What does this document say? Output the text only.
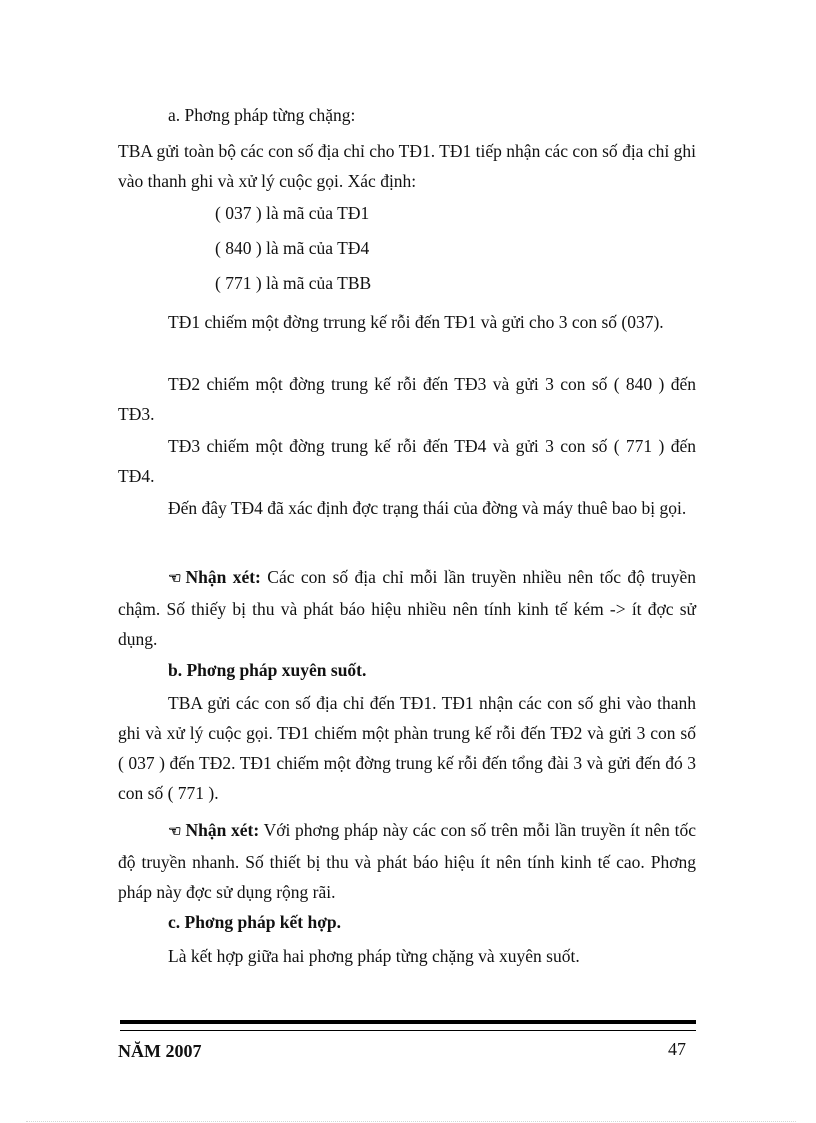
a. Phơng pháp từng chặng:

TBA gửi toàn bộ các con số địa chỉ cho TĐ1. TĐ1 tiếp nhận các con số địa chỉ ghi vào thanh ghi và xử lý cuộc gọi. Xác định:

( 037 ) là mã của TĐ1

( 840 ) là mã của TĐ4

( 771 ) là mã của TBB

TĐ1 chiếm một đờng trrung kế rỗi đến TĐ1 và gửi cho 3 con số (037).

TĐ2 chiếm một đờng trung kế rỗi đến TĐ3 và gửi 3 con số ( 840 ) đến TĐ3.

TĐ3 chiếm một đờng trung kế rỗi đến TĐ4 và gửi 3 con số ( 771 ) đến TĐ4.

Đến đây TĐ4 đã xác định đợc trạng thái của đờng và máy thuê bao bị gọi.

☜ Nhận xét: Các con số địa chỉ mỗi lần truyền nhiều nên tốc độ truyền chậm. Số thiếy bị thu và phát báo hiệu nhiều nên tính kinh tế kém -> ít đợc sử dụng.

b. Phơng pháp xuyên suốt.

TBA gửi các con số địa chỉ đến TĐ1. TĐ1 nhận các con số ghi vào thanh ghi và xử lý cuộc gọi. TĐ1 chiếm một phàn trung kế rỗi đến TĐ2 và gửi 3 con số ( 037 ) đến TĐ2. TĐ1 chiếm một đờng trung kế rỗi đến tổng đài 3 và gửi đến đó 3 con số ( 771 ).

☜ Nhận xét: Với phơng pháp này các con số trên mỗi lần truyền ít nên tốc độ truyền nhanh. Số thiết bị thu và phát báo hiệu ít nên tính kinh tế cao. Phơng pháp này đợc sử dụng rộng rãi.

c. Phơng pháp kết hợp.

Là kết hợp giữa hai phơng pháp từng chặng và xuyên suốt.

NĂM 2007	47
